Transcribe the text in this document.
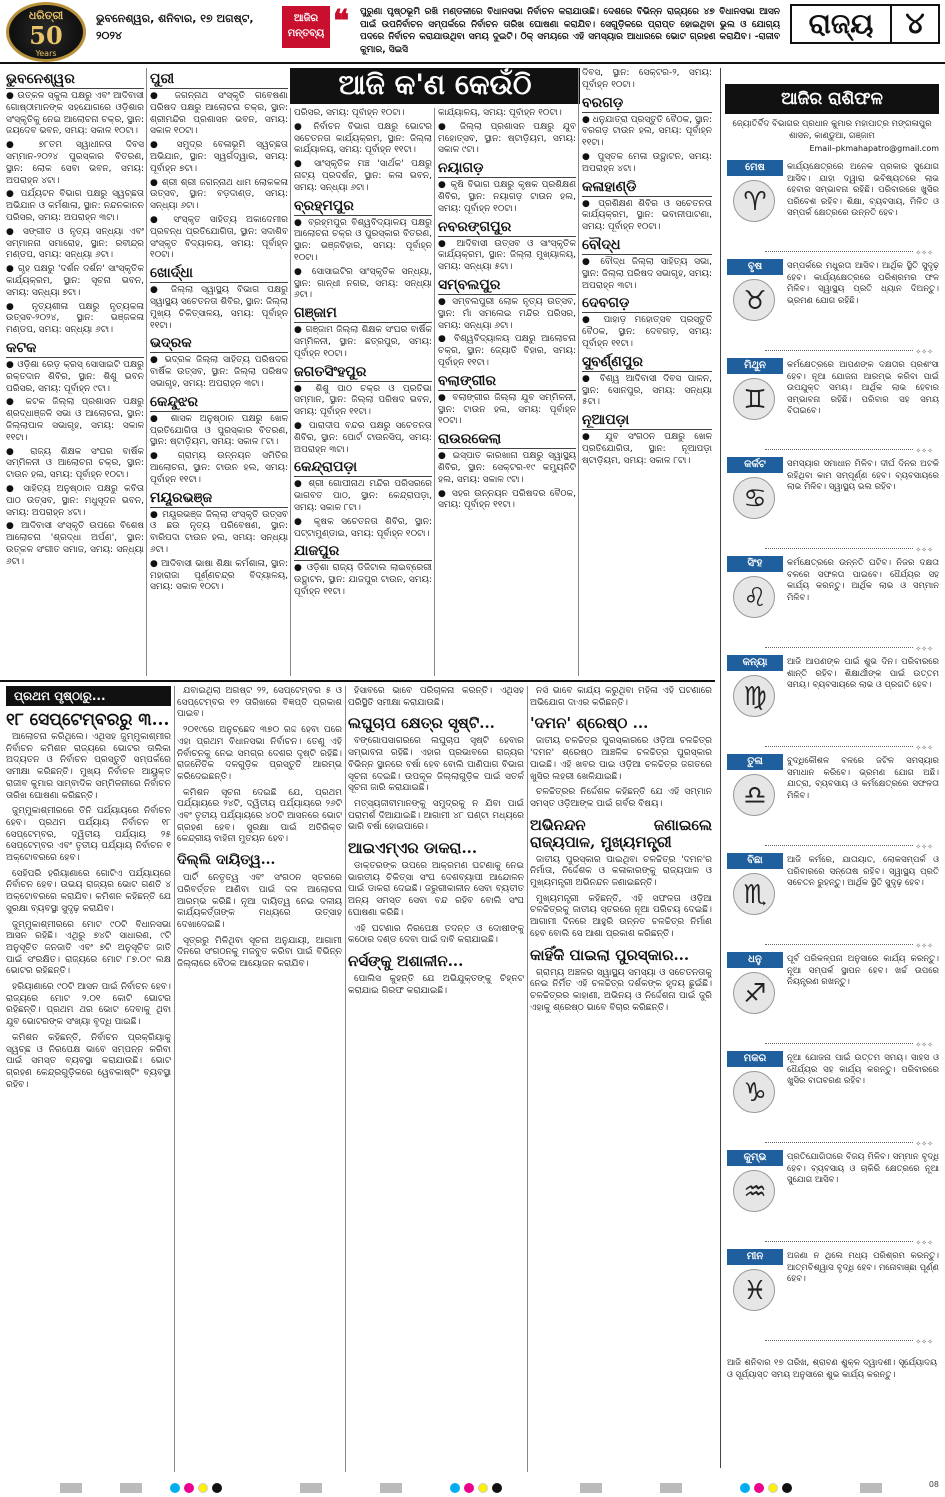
ଧରିତ୍ରୀ
50
Years
ଭୁବନେଶ୍ୱର, ଶନିବାର, ୧୭ ଅଗଷ୍ଟ, ୨୦୨୪
ଆଜିର ମନ୍ତବ୍ୟ ❝ ପୁରୁଣା ପୃଷ୍ଠଭୂମି ରଖି ମଣ୍ଡଳୀରେ ବିଧାନସଭା ନିର୍ବାଚନ କରାଯାଉଛି। ଦେଶରେ ବିଭିନ୍ନ ରାଜ୍ୟରେ ୪୭ ବିଧାନସଭା ଆସନ ପାଇଁ ଉପନିର୍ବାଚନ ସମ୍ପର୍କରେ ନିର୍ବାଚନ ତାରିଖ ଘୋଷଣା କରାଯିବ। ସେଗୁଡ଼ିକରେ ପ୍ରାପ୍ତ ହୋଇଥିବା ଭୁଲ ଓ ଯୋଗ୍ୟ ପଦରେ ନିର୍ବାଚନ କରାଯାଉଥିବା ସମୟ ଦୁଇଟି। ଠିକ୍ ସମୟରେ ଏହି ସମସ୍ୟାର ଆଧାରରେ ଭୋଟ ଗ୍ରହଣ କରାଯିବ। -ରାଜୀବ କୁମାର, ସିଇସି
ରାଜ୍ୟ	୪
ଆଜି କ'ଣ କେଉଁଠି
ଭୁବନେଶ୍ୱର
● ଉତ୍କଳ ସ୍କୁଲ ପକ୍ଷରୁ ଏବଂ ଆଦିବାସୀ ଗୋଷ୍ଠୀମାନଙ୍କ ସହଯୋଗରେ ଓଡ଼ିଶାର ସଂସ୍କୃତିକୁ ନେଇ ଆଲୋଚନା ଚକ୍ର, ସ୍ଥାନ: ଜୟଦେବ ଭବନ, ସମୟ: ସକାଳ ୧୦ଟା।
● ୭୮ତମ ସ୍ୱାଧୀନତା ଦିବସ ସମ୍ମାନ-୨୦୨୪ ପୁରସ୍କାର ବିତରଣ, ସ୍ଥାନ: ଲୋକ ସେବା ଭବନ, ସମୟ: ଅପରାହ୍ନ ୪ଟା।
● ପର୍ଯ୍ୟଟନ ବିଭାଗ ପକ୍ଷରୁ ସ୍ୱଚ୍ଛତା ଅଭିଯାନ ଓ କର୍ମଶାଳା, ସ୍ଥାନ: ନନ୍ଦନକାନନ ପରିସର, ସମୟ: ଅପରାହ୍ନ ୩ଟା।
● ସଙ୍ଗୀତ ଓ ନୃତ୍ୟ ସନ୍ଧ୍ୟା ଏବଂ ସମ୍ମାନନା ସମାରୋହ, ସ୍ଥାନ: ରବୀନ୍ଦ୍ର ମଣ୍ଡପ, ସମୟ: ସନ୍ଧ୍ୟା ୬ଟା।
● ଗୃହ ପକ୍ଷରୁ 'ଦର୍ଶନ ଦର୍ଶନ' ସାଂସ୍କୃତିକ କାର୍ଯ୍ୟକ୍ରମ, ସ୍ଥାନ: ସୂଚନା ଭବନ, ସମୟ: ସନ୍ଧ୍ୟା ୭ଟା।
● ନୃତ୍ୟଶୀଳା ପକ୍ଷରୁ ନୃତ୍ୟକଳା ଉତ୍ସବ-୨୦୨୪, ସ୍ଥାନ: ଭଞ୍ଜକଳା ମଣ୍ଡପ, ସମୟ: ସନ୍ଧ୍ୟା ୬ଟା।
କଟକ
● ଓଡ଼ିଶା ରେଡ଼ କ୍ରସ୍ ସୋସାଇଟି ପକ୍ଷରୁ ରକ୍ତଦାନ ଶିବିର, ସ୍ଥାନ: ଶିଶୁ ଭବନ ପରିସର, ସମୟ: ପୂର୍ବାହ୍ନ ୯ଟା।
● କଟକ ଜିଲ୍ଲା ପ୍ରଶାସନ ପକ୍ଷରୁ ଶ୍ରଦ୍ଧାଞ୍ଜଳି ସଭା ଓ ଆଲୋଚନା, ସ୍ଥାନ: ଜିଲ୍ଲାପାଳ ସଭାଗୃହ, ସମୟ: ସକାଳ ୧୧ଟା।
● ରାଜ୍ୟ ଶିକ୍ଷକ ସଂଘର ବାର୍ଷିକ ସମ୍ମିଳନୀ ଓ ଆଲୋଚନା ଚକ୍ର, ସ୍ଥାନ: ଟାଉନ ହଲ, ସମୟ: ପୂର୍ବାହ୍ନ ୧୦ଟା।
● ସାହିତ୍ୟ ଅନୁଷ୍ଠାନ ପକ୍ଷରୁ କବିତା ପାଠ ଉତ୍ସବ, ସ୍ଥାନ: ମଧୁସୂଦନ ଭବନ, ସମୟ: ଅପରାହ୍ନ ୪ଟା।
● ଆଦିବାସୀ ସଂସ୍କୃତି ଉପରେ ବିଶେଷ ଆଲୋଚନା 'ଶ୍ରଦ୍ଧା ଅର୍ପଣ', ସ୍ଥାନ: ଉତ୍କଳ ସଂଗୀତ ସମାଜ, ସମୟ: ସନ୍ଧ୍ୟା ୬ଟା।
ପୁରୀ
● ଜଗନ୍ନାଥ ସଂସ୍କୃତି ଗବେଷଣା ପରିଷଦ ପକ୍ଷରୁ ଆଲୋଚନା ଚକ୍ର, ସ୍ଥାନ: ଶ୍ରୀମନ୍ଦିର ପ୍ରଶାସନ ଭବନ, ସମୟ: ସକାଳ ୧୦ଟା।
● ସମୁଦ୍ର ବେଳାଭୂମି ସ୍ୱଚ୍ଛତା ଅଭିଯାନ, ସ୍ଥାନ: ସ୍ୱର୍ଗଦ୍ୱାର, ସମୟ: ପୂର୍ବାହ୍ନ ୭ଟା।
● ଶ୍ରୀ ଶ୍ରୀ ଜଗନ୍ନାଥ ଧାମ ଲୋକକଳା ଉତ୍ସବ, ସ୍ଥାନ: ବଡ଼ଦାଣ୍ଡ, ସମୟ: ସନ୍ଧ୍ୟା ୬ଟା।
● ସଂସ୍କୃତ ସାହିତ୍ୟ ଅକାଦେମୀର ପ୍ରବନ୍ଧ ପ୍ରତିଯୋଗିତା, ସ୍ଥାନ: ସଦାଶିବ ସଂସ୍କୃତ ବିଦ୍ୟାଳୟ, ସମୟ: ପୂର୍ବାହ୍ନ ୧୦ଟା।
ଖୋର୍ଦ୍ଧା
● ଜିଲ୍ଲା ସ୍ୱାସ୍ଥ୍ୟ ବିଭାଗ ପକ୍ଷରୁ ସ୍ୱାସ୍ଥ୍ୟ ସଚେତନତା ଶିବିର, ସ୍ଥାନ: ଜିଲ୍ଲା ମୁଖ୍ୟ ଚିକିତ୍ସାଳୟ, ସମୟ: ପୂର୍ବାହ୍ନ ୧୧ଟା।
ଭଦ୍ରକ
● ଭଦ୍ରକ ଜିଲ୍ଲା ସାହିତ୍ୟ ପରିଷଦର ବାର୍ଷିକ ଉତ୍ସବ, ସ୍ଥାନ: ଜିଲ୍ଲା ପରିଷଦ ସଭାଗୃହ, ସମୟ: ଅପରାହ୍ନ ୩ଟା।
କେନ୍ଦୁଝର
● ଶାସକ ଅନୁଷ୍ଠାନ ପକ୍ଷରୁ ଖେଳ ପ୍ରତିଯୋଗିତା ଓ ପୁରସ୍କାର ବିତରଣ, ସ୍ଥାନ: ଷ୍ଟାଡ଼ିୟମ, ସମୟ: ସକାଳ ୮ଟା।
● ଗ୍ରାମ୍ୟ ଉନ୍ନୟନ ସମିତିର ଆଲୋଚନା, ସ୍ଥାନ: ଟାଉନ ହଲ, ସମୟ: ପୂର୍ବାହ୍ନ ୧୧ଟା।
ମୟୂରଭଞ୍ଜ
● ମୟୂରଭଞ୍ଜ ଜିଲ୍ଲା ସଂସ୍କୃତି ଉତ୍ସବ ଓ ଛଉ ନୃତ୍ୟ ପରିବେଷଣ, ସ୍ଥାନ: ବାରିପଦା ଟାଉନ ହଲ, ସମୟ: ସନ୍ଧ୍ୟା ୬ଟା।
● ଆଦିବାସୀ ଭାଷା ଶିକ୍ଷା କର୍ମଶାଳା, ସ୍ଥାନ: ମହାରାଜା ପୂର୍ଣ୍ଣଚନ୍ଦ୍ର ବିଦ୍ୟାଳୟ, ସମୟ: ସକାଳ ୧୦ଟା।
ପରିସର, ସମୟ: ପୂର୍ବାହ୍ନ ୧୦ଟା।
● ନିର୍ବାଚନ ବିଭାଗ ପକ୍ଷରୁ ଭୋଟର ସଚେତନତା କାର୍ଯ୍ୟକ୍ରମ, ସ୍ଥାନ: ଜିଲ୍ଲା କାର୍ଯ୍ୟାଳୟ, ସମୟ: ପୂର୍ବାହ୍ନ ୧୧ଟା।
● ସାଂସ୍କୃତିକ ମଞ୍ଚ 'ସାର୍ଥକ' ପକ୍ଷରୁ ନାଟ୍ୟ ପ୍ରଦର୍ଶନ, ସ୍ଥାନ: କଳା ଭବନ, ସମୟ: ସନ୍ଧ୍ୟା ୬ଟା।
ବ୍ରହ୍ମପୁର
● ବ୍ରହ୍ମପୁର ବିଶ୍ୱବିଦ୍ୟାଳୟ ପକ୍ଷରୁ ଆଲୋଚନା ଚକ୍ର ଓ ପୁରସ୍କାର ବିତରଣ, ସ୍ଥାନ: ଭଞ୍ଜବିହାର, ସମୟ: ପୂର୍ବାହ୍ନ ୧୦ଟା।
● ସୋସାଇଟିର ସାଂସ୍କୃତିକ ସନ୍ଧ୍ୟା, ସ୍ଥାନ: ଗାନ୍ଧୀ ନଗର, ସମୟ: ସନ୍ଧ୍ୟା ୬ଟା।
ଗଞ୍ଜାମ
● ଗଞ୍ଜାମ ଜିଲ୍ଲା ଶିକ୍ଷକ ସଂଘର ବାର୍ଷିକ ସମ୍ମିଳନୀ, ସ୍ଥାନ: ଛତ୍ରପୁର, ସମୟ: ପୂର୍ବାହ୍ନ ୧୦ଟା।
ଜଗତସିଂହପୁର
● ଶିଶୁ ପାଠ ଚକ୍ର ଓ ପ୍ରତିଭା ସମ୍ମାନ, ସ୍ଥାନ: ଜିଲ୍ଲା ପରିଷଦ ଭବନ, ସମୟ: ପୂର୍ବାହ୍ନ ୧୧ଟା।
● ପାରାଦୀପ ବନ୍ଦର ପକ୍ଷରୁ ସଚେତନତା ଶିବିର, ସ୍ଥାନ: ପୋର୍ଟ ଟାଉନସିପ୍, ସମୟ: ଅପରାହ୍ନ ୩ଟା।
କେନ୍ଦ୍ରାପଡ଼ା
● ଶ୍ରୀ ଗୋପୀନାଥ ମନ୍ଦିର ପରିସରରେ ଭାଗବତ ପାଠ, ସ୍ଥାନ: କେନ୍ଦ୍ରାପଡ଼ା, ସମୟ: ସକାଳ ୮ଟା।
● କୃଷକ ସଚେତନତା ଶିବିର, ସ୍ଥାନ: ପଟ୍ଟାମୁଣ୍ଡାଇ, ସମୟ: ପୂର୍ବାହ୍ନ ୧୦ଟା।
ଯାଜପୁର
● ଓଡ଼ିଶା ରାଜ୍ୟ ଡିଜିଟାଲ ଲାଇବ୍ରେରୀ ଉଦ୍ଘାଟନ, ସ୍ଥାନ: ଯାଜପୁର ଟାଉନ, ସମୟ: ପୂର୍ବାହ୍ନ ୧୧ଟା।
କାର୍ଯ୍ୟାଳୟ, ସମୟ: ପୂର୍ବାହ୍ନ ୧୦ଟା।
● ଜିଲ୍ଲା ପ୍ରଶାସନ ପକ୍ଷରୁ ଯୁବ ମହୋତ୍ସବ, ସ୍ଥାନ: ଷ୍ଟାଡ଼ିୟମ, ସମୟ: ସକାଳ ୯ଟା।
ନୟାଗଡ଼
● କୃଷି ବିଭାଗ ପକ୍ଷରୁ କୃଷକ ପ୍ରଶିକ୍ଷଣ ଶିବିର, ସ୍ଥାନ: ନୟାଗଡ଼ ଟାଉନ ହଲ, ସମୟ: ପୂର୍ବାହ୍ନ ୧୦ଟା।
ନବରଙ୍ଗପୁର
● ଆଦିବାସୀ ଉତ୍ସବ ଓ ସାଂସ୍କୃତିକ କାର୍ଯ୍ୟକ୍ରମ, ସ୍ଥାନ: ଜିଲ୍ଲା ମୁଖ୍ୟାଳୟ, ସମୟ: ସନ୍ଧ୍ୟା ୫ଟା।
ସମ୍ବଲପୁର
● ସମ୍ବଲପୁରୀ ଲୋକ ନୃତ୍ୟ ଉତ୍ସବ, ସ୍ଥାନ: ମାଁ ସମଲେଇ ମନ୍ଦିର ପରିସର, ସମୟ: ସନ୍ଧ୍ୟା ୬ଟା।
● ବିଶ୍ୱବିଦ୍ୟାଳୟ ପକ୍ଷରୁ ଆଲୋଚନା ଚକ୍ର, ସ୍ଥାନ: ଜ୍ୟୋତି ବିହାର, ସମୟ: ପୂର୍ବାହ୍ନ ୧୧ଟା।
ବଲାଙ୍ଗୀର
● ବଲାଙ୍ଗୀର ଜିଲ୍ଲା ଯୁବ ସମ୍ମିଳନୀ, ସ୍ଥାନ: ଟାଉନ ହଲ, ସମୟ: ପୂର୍ବାହ୍ନ ୧୦ଟା।
ରାଉରକେଲା
● ଇସ୍ପାତ କାରଖାନା ପକ୍ଷରୁ ସ୍ୱାସ୍ଥ୍ୟ ଶିବିର, ସ୍ଥାନ: ସେକ୍ଟର-୧୯ କମ୍ୟୁନିଟି ହଲ, ସମୟ: ସକାଳ ୯ଟା।
● ସହର ଉନ୍ନୟନ ପରିଷଦର ବୈଠକ, ସମୟ: ପୂର୍ବାହ୍ନ ୧୧ଟା।
ଦିବସ, ସ୍ଥାନ: ସେକ୍ଟର-୨, ସମୟ: ପୂର୍ବାହ୍ନ ୧୦ଟା।
ବରଗଡ଼
● ଧନୁଯାତ୍ରା ପ୍ରସ୍ତୁତି ବୈଠକ, ସ୍ଥାନ: ବରଗଡ଼ ଟାଉନ ହଲ, ସମୟ: ପୂର୍ବାହ୍ନ ୧୧ଟା।
● ପୁସ୍ତକ ମେଳା ଉଦ୍ଘାଟନ, ସମୟ: ଅପରାହ୍ନ ୪ଟା।
କଳାହାଣ୍ଡି
● ପ୍ରଶିକ୍ଷଣ ଶିବିର ଓ ସଚେତନତା କାର୍ଯ୍ୟକ୍ରମ, ସ୍ଥାନ: ଭବାନୀପାଟଣା, ସମୟ: ପୂର୍ବାହ୍ନ ୧୦ଟା।
ବୌଦ୍ଧ
● ବୌଦ୍ଧ ଜିଲ୍ଲା ସାହିତ୍ୟ ସଭା, ସ୍ଥାନ: ଜିଲ୍ଲା ପରିଷଦ ସଭାଗୃହ, ସମୟ: ଅପରାହ୍ନ ୩ଟା।
ଦେବଗଡ଼
● ପାହାଡ଼ ମହୋତ୍ସବ ପ୍ରସ୍ତୁତି ବୈଠକ, ସ୍ଥାନ: ଦେବଗଡ଼, ସମୟ: ପୂର୍ବାହ୍ନ ୧୧ଟା।
ସୁବର୍ଣ୍ଣପୁର
● ବିଶ୍ୱ ଆଦିବାସୀ ଦିବସ ପାଳନ, ସ୍ଥାନ: ସୋନପୁର, ସମୟ: ସନ୍ଧ୍ୟା ୫ଟା।
ନୂଆପଡ଼ା
● ଯୁବ ସଂଗଠନ ପକ୍ଷରୁ ଖେଳ ପ୍ରତିଯୋଗିତା, ସ୍ଥାନ: ନୂଆପଡ଼ା ଷ୍ଟାଡ଼ିୟମ, ସମୟ: ସକାଳ ୮ଟା।
ଆଜିର ରାଶିଫଳ
ଜ୍ୟୋତିର୍ବିଦ ବିଭାଗର ପ୍ରଧାନ କୁମାର ମହାପାତ୍ର ମଙ୍ଗଳାପୁର ଶାସନ, କାଣ୍ଡୁଆ, ଗଞ୍ଜାମ
Email–pkmahapatro@gmail.com
ମେଷ
♈
କାର୍ଯ୍ୟକ୍ଷେତ୍ରରେ ଅନେକ ପ୍ରକାର ସୁଯୋଗ ଆସିବ। ଯାହା ଦ୍ୱାରା ଭବିଷ୍ୟତରେ ଲାଭ ହେବାର ସମ୍ଭାବନା ରହିଛି। ପରିବାରରେ ଖୁସିର ପରିବେଶ ରହିବ। ଶିକ୍ଷା, ବ୍ୟବସାୟ, ମିଳିତ ଓ ସମ୍ପର୍କ କ୍ଷେତ୍ରରେ ଉନ୍ନତି ହେବ।
✧✧✧
ବୃଷ
♉
ସମ୍ପର୍କରେ ମଧୁରତା ଆସିବ। ଆର୍ଥିକ ସ୍ଥିତି ସୁଦୃଢ଼ ହେବ। କାର୍ଯ୍ୟକ୍ଷେତ୍ରରେ ପରିଶ୍ରମର ଫଳ ମିଳିବ। ସ୍ୱାସ୍ଥ୍ୟ ପ୍ରତି ଧ୍ୟାନ ଦିଅନ୍ତୁ। ଭ୍ରମଣ ଯୋଗ ରହିଛି।
✧✧✧
ମିଥୁନ
♊
କର୍ମକ୍ଷେତ୍ରରେ ଆପଣଙ୍କ ଦକ୍ଷତାର ପ୍ରଶଂସା ହେବ। ନୂଆ ଯୋଜନା ଆରମ୍ଭ କରିବା ପାଇଁ ଉପଯୁକ୍ତ ସମୟ। ଆର୍ଥିକ ଲାଭ ହେବାର ସମ୍ଭାବନା ରହିଛି। ପରିବାର ସହ ସମୟ ବିତାଇବେ।
✧✧✧
କର୍କଟ
♋
ସମସ୍ୟାର ସମାଧାନ ମିଳିବ। ଦୀର୍ଘ ଦିନର ଅଟକି ରହିଥିବା କାମ ସମ୍ପୂର୍ଣ୍ଣ ହେବ। ବ୍ୟବସାୟରେ ଲାଭ ମିଳିବ। ସ୍ୱାସ୍ଥ୍ୟ ଭଲ ରହିବ।
✧✧✧
ସିଂହ
♌
କର୍ମକ୍ଷେତ୍ରରେ ଉନ୍ନତି ଘଟିବ। ନିଜର ଦକ୍ଷତା ବଳରେ ସଫଳତା ପାଇବେ। ଧୈର୍ଯ୍ୟର ସହ କାର୍ଯ୍ୟ କରନ୍ତୁ। ଆର୍ଥିକ ଲାଭ ଓ ସମ୍ମାନ ମିଳିବ।
✧✧✧
କନ୍ୟା
♍
ଆଜି ଆପଣଙ୍କ ପାଇଁ ଶୁଭ ଦିନ। ପରିବାରରେ ଶାନ୍ତି ରହିବ। ଶିକ୍ଷାର୍ଥୀଙ୍କ ପାଇଁ ଉତ୍ତମ ସମୟ। ବ୍ୟବସାୟରେ ଲାଭ ଓ ପ୍ରଗତି ହେବ।
✧✧✧
ତୁଳା
♎
ବୁଦ୍ଧିକୌଶଳ ବଳରେ ଜଟିଳ ସମସ୍ୟାର ସମାଧାନ କରିବେ। ଭ୍ରମଣ ଯୋଗ ଅଛି। ଯାତ୍ରା, ବ୍ୟବସାୟ ଓ କର୍ମକ୍ଷେତ୍ରରେ ସଫଳତା ମିଳିବ।
✧✧✧
ବିଛା
♏
ଆଜି କର୍ମରେ, ଯାତାୟାତ, ଲୋକସମ୍ପର୍କ ଓ ପରିବାରରେ ସନ୍ତୋଷ ରହିବ। ସ୍ୱାସ୍ଥ୍ୟ ପ୍ରତି ସଚେତନ ରୁହନ୍ତୁ। ଆର୍ଥିକ ସ୍ଥିତି ସୁଦୃଢ଼ ହେବ।
✧✧✧
ଧନୁ
♐
ପୂର୍ବ ପରିକଳ୍ପନା ଅନୁସାରେ କାର୍ଯ୍ୟ କରନ୍ତୁ। ନୂଆ ସମ୍ପର୍କ ସ୍ଥାପନ ହେବ। ଖର୍ଚ୍ଚ ଉପରେ ନିୟନ୍ତ୍ରଣ ରଖନ୍ତୁ।
✧✧✧
ମକର
♑
ନୂଆ ଯୋଜନା ପାଇଁ ଉତ୍ତମ ସମୟ। ସାହସ ଓ ଧୈର୍ଯ୍ୟର ସହ କାର୍ଯ୍ୟ କରନ୍ତୁ। ପରିବାରରେ ଖୁସିର ବାତାବରଣ ରହିବ।
✧✧✧
କୁମ୍ଭ
♒
ପ୍ରତିଯୋଗିତାରେ ବିଜୟ ମିଳିବ। ସମ୍ମାନ ବୃଦ୍ଧି ହେବ। ବ୍ୟବସାୟ ଓ ଚାକିରି କ୍ଷେତ୍ରରେ ନୂଆ ସୁଯୋଗ ଆସିବ।
✧✧✧
ମୀନ
♓
ଅଜଣା ନ ଥିଲେ ମଧ୍ୟ ପରିଶ୍ରମ କରନ୍ତୁ। ଆତ୍ମବିଶ୍ୱାସ ବୃଦ୍ଧି ହେବ। ମନୋବାଞ୍ଛା ପୂର୍ଣ୍ଣ ହେବ।
✧✧✧
ଆଜି ଶନିବାର ୧୭ ତାରିଖ, ଶ୍ରାବଣ ଶୁକ୍ଳ ଦ୍ୱାଦଶୀ। ସୂର୍ଯ୍ୟୋଦୟ ଓ ସୂର୍ଯ୍ୟାସ୍ତ ସମୟ ଅନୁସାରେ ଶୁଭ କାର୍ଯ୍ୟ କରନ୍ତୁ।
ପ୍ରଥମ ପୃଷ୍ଠାରୁ...
୧୮ ସେପ୍ଟେମ୍ବରରୁ ୩...
ଆଲୋଚନା କରିଥିଲେ। ଏଥିସହ ଜୁମ୍ମୁକାଶ୍ମୀର ନିର୍ବାଚନ କମିଶନ ରାଜ୍ୟରେ ଭୋଟର ତାଲିକା ଅଦ୍ୟତନ ଓ ନିର୍ବାଚନ ପ୍ରସ୍ତୁତି ସମ୍ପର୍କରେ ସମୀକ୍ଷା କରିଛନ୍ତି। ମୁଖ୍ୟ ନିର୍ବାଚନ ଆୟୁକ୍ତ ରାଜୀବ କୁମାର ସାମ୍ବାଦିକ ସମ୍ମିଳନୀରେ ନିର୍ବାଚନ ତାରିଖ ଘୋଷଣା କରିଛନ୍ତି।
ଜୁମ୍ମୁକାଶ୍ମୀରରେ ତିନି ପର୍ଯ୍ୟାୟରେ ନିର୍ବାଚନ ହେବ। ପ୍ରଥମ ପର୍ଯ୍ୟାୟ ନିର୍ବାଚନ ୧୮ ସେପ୍ଟେମ୍ବର, ଦ୍ୱିତୀୟ ପର୍ଯ୍ୟାୟ ୨୫ ସେପ୍ଟେମ୍ବର ଏବଂ ତୃତୀୟ ପର୍ଯ୍ୟାୟ ନିର୍ବାଚନ ୧ ଅକ୍ଟୋବରରେ ହେବ।
ସେହିପରି ହରିୟାଣାରେ ଗୋଟିଏ ପର୍ଯ୍ୟାୟରେ ନିର୍ବାଚନ ହେବ। ଉଭୟ ରାଜ୍ୟର ଭୋଟ ଗଣତି ୪ ଅକ୍ଟୋବରରେ କରାଯିବ। କମିଶନ କହିଛନ୍ତି ଯେ ସୁରକ୍ଷା ବ୍ୟବସ୍ଥା ସୁଦୃଢ଼ କରାଯିବ।
ଜୁମ୍ମୁକାଶ୍ମୀରରେ ମୋଟ ୯୦ଟି ବିଧାନସଭା ଆସନ ରହିଛି। ଏଥିରୁ ୭୪ଟି ସାଧାରଣ, ୯ଟି ଅନୁସୂଚିତ ଜନଜାତି ଏବଂ ୭ଟି ଅନୁସୂଚିତ ଜାତି ପାଇଁ ସଂରକ୍ଷିତ। ରାଜ୍ୟରେ ମୋଟ ୮୭.୦୯ ଲକ୍ଷ ଭୋଟର ରହିଛନ୍ତି।
ହରିୟାଣାରେ ୯୦ଟି ଆସନ ପାଇଁ ନିର୍ବାଚନ ହେବ। ରାଜ୍ୟରେ ମୋଟ ୨.୦୧ କୋଟି ଭୋଟର ରହିଛନ୍ତି। ପ୍ରଥମ ଥର ଭୋଟ ଦେବାକୁ ଥିବା ଯୁବ ଭୋଟରଙ୍କ ସଂଖ୍ୟା ବୃଦ୍ଧି ପାଇଛି।
କମିଶନ କହିଛନ୍ତି, ନିର୍ବାଚନ ପ୍ରକ୍ରିୟାକୁ ସ୍ୱଚ୍ଛ ଓ ନିରପେକ୍ଷ ଭାବେ ସମ୍ପନ୍ନ କରିବା ପାଇଁ ସମସ୍ତ ବ୍ୟବସ୍ଥା କରାଯାଉଛି। ଭୋଟ ଗ୍ରହଣ କେନ୍ଦ୍ରଗୁଡ଼ିକରେ ୱେବକାଷ୍ଟିଂ ବ୍ୟବସ୍ଥା ରହିବ।
ଯବାଇଥିଲା ଅଗଷ୍ଟ ୨୨, ସେପ୍ଟେମ୍ବର ୫ ଓ ସେପ୍ଟେମ୍ବର ୧୨ ତାରିଖରେ ବିଜ୍ଞପ୍ତି ପ୍ରକାଶ ପାଇବ।
୨୦୧୯ରେ ଅନୁଚ୍ଛେଦ ୩୭୦ ରଦ୍ଦ ହେବା ପରେ ଏହା ପ୍ରଥମ ବିଧାନସଭା ନିର୍ବାଚନ। ତେଣୁ ଏହି ନିର୍ବାଚନକୁ ନେଇ ସମଗ୍ର ଦେଶର ଦୃଷ୍ଟି ରହିଛି। ରାଜନୈତିକ ଦଳଗୁଡ଼ିକ ପ୍ରସ୍ତୁତି ଆରମ୍ଭ କରିଦେଇଛନ୍ତି।
କମିଶନ ସୂଚନା ଦେଇଛି ଯେ, ପ୍ରଥମ ପର୍ଯ୍ୟାୟରେ ୨୪ଟି, ଦ୍ୱିତୀୟ ପର୍ଯ୍ୟାୟରେ ୨୬ଟି ଏବଂ ତୃତୀୟ ପର୍ଯ୍ୟାୟରେ ୪୦ଟି ଆସନରେ ଭୋଟ ଗ୍ରହଣ ହେବ। ସୁରକ୍ଷା ପାଇଁ ଅତିରିକ୍ତ କେନ୍ଦ୍ରୀୟ ବାହିନୀ ମୁତୟନ ହେବ।
ଦିଲ୍ଲି ଦାୟିତ୍ୱ...
ପାର୍ଟି ନେତୃତ୍ୱ ଏବଂ ସଂଗଠନ ସ୍ତରରେ ପରିବର୍ତ୍ତନ ଆଣିବା ପାଇଁ ଦଳ ଆଲୋଚନା ଆରମ୍ଭ କରିଛି। ନୂଆ ଦାୟିତ୍ୱ ନେଇ ଦଳୀୟ କାର୍ଯ୍ୟକର୍ତ୍ତାଙ୍କ ମଧ୍ୟରେ ଉତ୍ସାହ ଦେଖାଦେଇଛି।
ସୂତ୍ରରୁ ମିଳିଥିବା ସୂଚନା ଅନୁଯାୟୀ, ଆଗାମୀ ଦିନରେ ସଂଗଠନକୁ ମଜବୁତ କରିବା ପାଇଁ ବିଭିନ୍ନ ଜିଲ୍ଲାରେ ବୈଠକ ଆୟୋଜନ କରାଯିବ।
ହିସାବରେ ଭାବେ ପରିଚାଳନା କରନ୍ତି। ଏଥିସହ ପରିସ୍ଥିତି ସମୀକ୍ଷା କରାଯାଉଛି।
ଲଘୁଚାପ କ୍ଷେତ୍ର ସୃଷ୍ଟି...
ବଙ୍ଗୋପସାଗରରେ ଲଘୁଚାପ ସୃଷ୍ଟି ହେବାର ସମ୍ଭାବନା ରହିଛି। ଏହାର ପ୍ରଭାବରେ ରାଜ୍ୟର ବିଭିନ୍ନ ସ୍ଥାନରେ ବର୍ଷା ହେବ ବୋଲି ପାଣିପାଗ ବିଭାଗ ସୂଚନା ଦେଇଛି। ଉପକୂଳ ଜିଲ୍ଲାଗୁଡ଼ିକ ପାଇଁ ସତର୍କ ସୂଚନା ଜାରି କରାଯାଇଛି।
ମତ୍ସ୍ୟଜୀବୀମାନଙ୍କୁ ସମୁଦ୍ରକୁ ନ ଯିବା ପାଇଁ ପରାମର୍ଶ ଦିଆଯାଇଛି। ଆଗାମୀ ୪୮ ଘଣ୍ଟା ମଧ୍ୟରେ ଭାରି ବର୍ଷା ହୋଇପାରେ।
ଆଇଏମ୍‌ଏର ଡାକରା...
ଡାକ୍ତରଙ୍କ ଉପରେ ଆକ୍ରମଣ ଘଟଣାକୁ ନେଇ ଭାରତୀୟ ଚିକିତ୍ସା ସଂଘ ଦେଶବ୍ୟାପୀ ଆନ୍ଦୋଳନ ପାଇଁ ଡାକରା ଦେଇଛି। ଜରୁରୀକାଳୀନ ସେବା ବ୍ୟତୀତ ଅନ୍ୟ ସମସ୍ତ ସେବା ବନ୍ଦ ରହିବ ବୋଲି ସଂଘ ଘୋଷଣା କରିଛି।
ଏହି ଘଟଣାର ନିରପେକ୍ଷ ତଦନ୍ତ ଓ ଦୋଷୀଙ୍କୁ କଠୋର ଦଣ୍ଡ ଦେବା ପାଇଁ ଦାବି କରାଯାଇଛି।
ନର୍ସଙ୍କୁ ଅଶାଳୀନ...
ପୋଲିସ କୁହନ୍ତି ଯେ ଅଭିଯୁକ୍ତଙ୍କୁ ଚିହ୍ନଟ କରାଯାଇ ଗିରଫ କରାଯାଇଛି।
ନର୍ସ ଭାବେ କାର୍ଯ୍ୟ କରୁଥିବା ମହିଳା ଏହି ଘଟଣାରେ ଅଭିଯୋଗ ଦାଏର କରିଛନ୍ତି।
'ଦମନ' ଶ୍ରେଷ୍ଠ ...
ଜାତୀୟ ଚଳଚ୍ଚିତ୍ର ପୁରସ୍କାରରେ ଓଡ଼ିଆ ଚଳଚ୍ଚିତ୍ର 'ଦମନ' ଶ୍ରେଷ୍ଠ ଆଞ୍ଚଳିକ ଚଳଚ୍ଚିତ୍ର ପୁରସ୍କାର ପାଇଛି। ଏହି ଖବର ପାଇ ଓଡ଼ିଆ ଚଳଚ୍ଚିତ୍ର ଜଗତରେ ଖୁସିର ଲହରୀ ଖେଳିଯାଇଛି।
ଚଳଚ୍ଚିତ୍ରର ନିର୍ଦ୍ଦେଶକ କହିଛନ୍ତି ଯେ ଏହି ସମ୍ମାନ ସମସ୍ତ ଓଡ଼ିଆଙ୍କ ପାଇଁ ଗର୍ବର ବିଷୟ।
ଅଭିନନ୍ଦନ ଜଣାଇଲେ ରାଜ୍ୟପାଳ, ମୁଖ୍ୟମନ୍ତ୍ରୀ
ଜାତୀୟ ପୁରସ୍କାର ପାଇଥିବା ଚଳଚ୍ଚିତ୍ର 'ଦମନ'ର ନିର୍ମାତା, ନିର୍ଦ୍ଦେଶକ ଓ କଳାକାରଙ୍କୁ ରାଜ୍ୟପାଳ ଓ ମୁଖ୍ୟମନ୍ତ୍ରୀ ଅଭିନନ୍ଦନ ଜଣାଇଛନ୍ତି।
ମୁଖ୍ୟମନ୍ତ୍ରୀ କହିଛନ୍ତି, ଏହି ସଫଳତା ଓଡ଼ିଆ ଚଳଚ୍ଚିତ୍ରକୁ ଜାତୀୟ ସ୍ତରରେ ନୂଆ ପରିଚୟ ଦେଇଛି। ଆଗାମୀ ଦିନରେ ଆହୁରି ଉନ୍ନତ ଚଳଚ୍ଚିତ୍ର ନିର୍ମାଣ ହେବ ବୋଲି ସେ ଆଶା ପ୍ରକାଶ କରିଛନ୍ତି।
କାହିଁକି ପାଇଲା ପୁରସ୍କାର...
ଗ୍ରାମ୍ୟ ଅଞ୍ଚଳର ସ୍ୱାସ୍ଥ୍ୟ ସମସ୍ୟା ଓ ସଚେତନତାକୁ ନେଇ ନିର୍ମିତ ଏହି ଚଳଚ୍ଚିତ୍ର ଦର୍ଶକଙ୍କ ହୃଦୟ ଛୁଇଁଛି। ଚଳଚ୍ଚିତ୍ରର କାହାଣୀ, ଅଭିନୟ ଓ ନିର୍ଦ୍ଦେଶନା ପାଇଁ ଜୁରି ଏହାକୁ ଶ୍ରେଷ୍ଠ ଭାବେ ବିଚାର କରିଛନ୍ତି।
08
